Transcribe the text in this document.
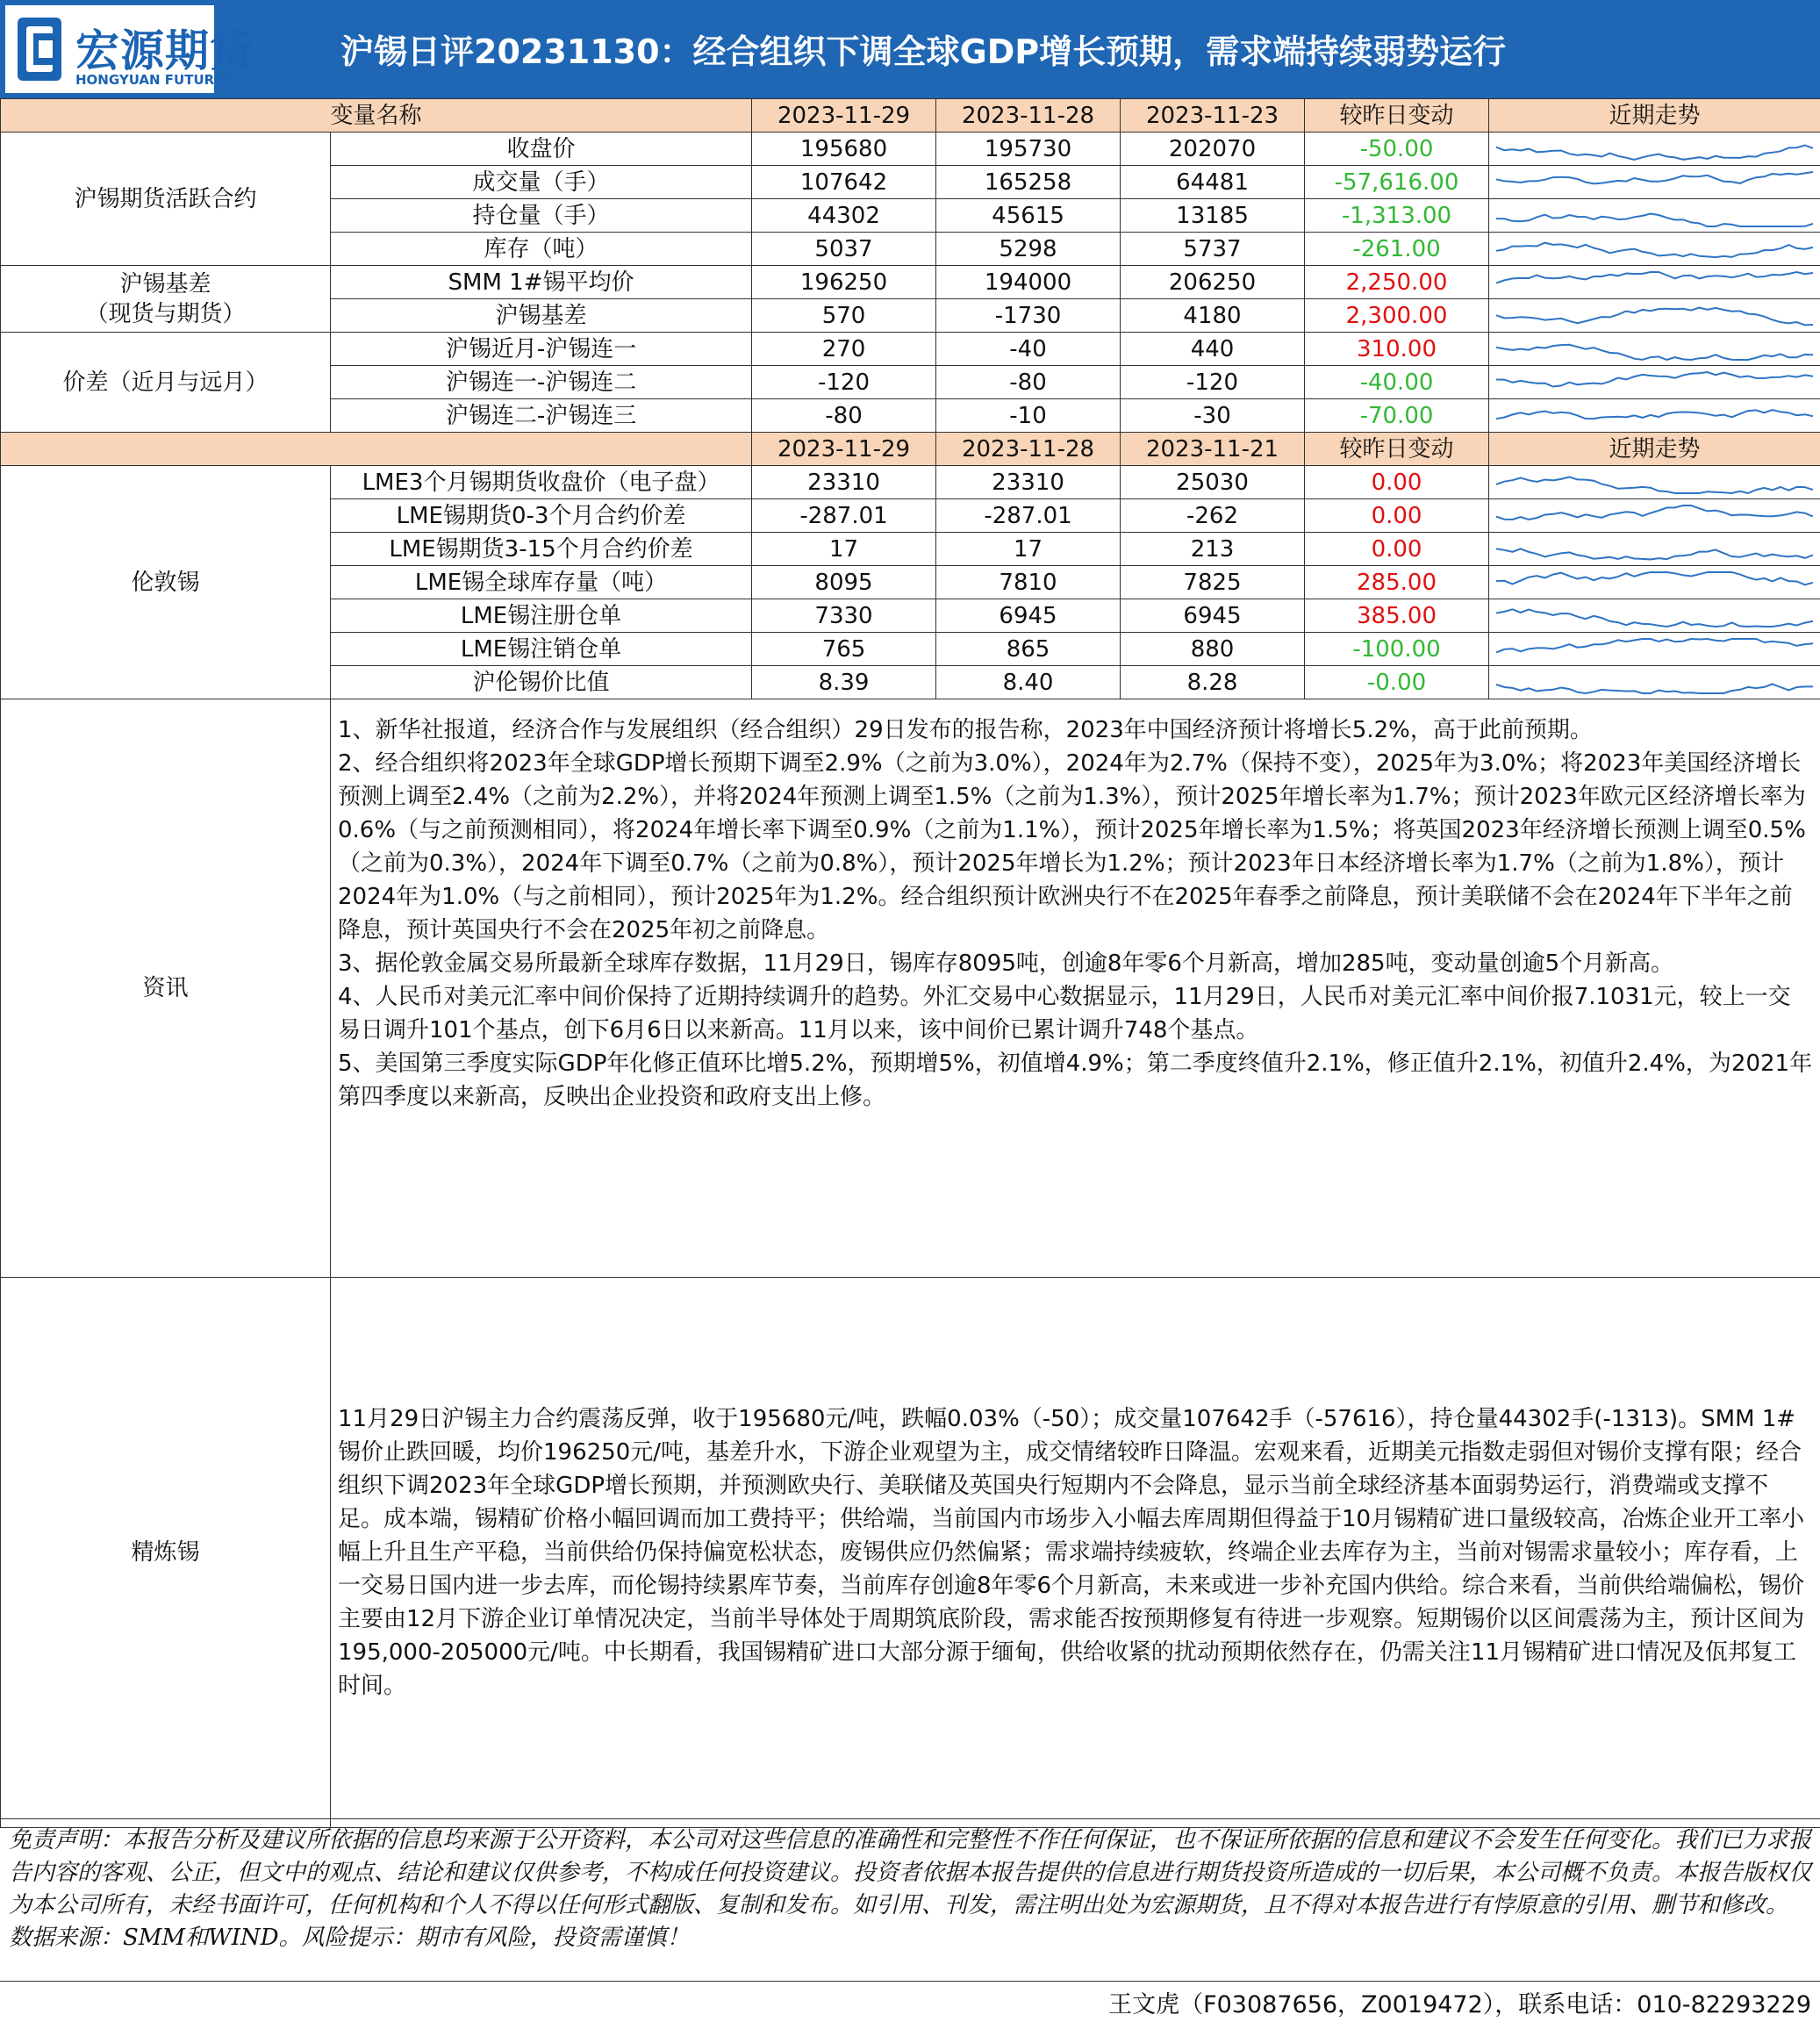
宏源期货
HONGYUAN FUTURES
沪锡日评20231130：经合组织下调全球GDP增长预期，需求端持续弱势运行
变量名称		2023-11-29	2023-11-28	2023-11-23	较昨日变动	近期走势
沪锡期货活跃合约	收盘价	195680	195730	202070	-50.00	

	成交量（手）	107642	165258	64481	-57,616.00	

	持仓量（手）	44302	45615	13185	-1,313.00	

	库存（吨）	5037	5298	5737	-261.00	

沪锡基差
（现货与期货）	SMM 1#锡平均价	196250	194000	206250	2,250.00	

	沪锡基差	570	-1730	4180	2,300.00	

价差（近月与远月）	沪锡近月-沪锡连一	270	-40	440	310.00	

	沪锡连一-沪锡连二	-120	-80	-120	-40.00	

	沪锡连二-沪锡连三	-80	-10	-30	-70.00	

		2023-11-29	2023-11-28	2023-11-21	较昨日变动	近期走势
伦敦锡	LME3个月锡期货收盘价（电子盘）	23310	23310	25030	0.00	

	LME锡期货0-3个月合约价差	-287.01	-287.01	-262	0.00	

	LME锡期货3-15个月合约价差	17	17	213	0.00	

	LME锡全球库存量（吨）	8095	7810	7825	285.00	

	LME锡注册仓单	7330	6945	6945	385.00	

	LME锡注销仓单	765	865	880	-100.00	

	沪伦锡价比值	8.39	8.40	8.28	-0.00	

资讯	1、新华社报道，经济合作与发展组织（经合组织）29日发布的报告称，2023年中国经济预计将增长5.2%，高于此前预期。

2、经合组织将2023年全球GDP增长预期下调至2.9%（之前为3.0%），2024年为2.7%（保持不变），2025年为3.0%；将2023年美国经济增长预测上调至2.4%（之前为2.2%），并将2024年预测上调至1.5%（之前为1.3%），预计2025年增长率为1.7%；预计2023年欧元区经济增长率为0.6%（与之前预测相同），将2024年增长率下调至0.9%（之前为1.1%），预计2025年增长率为1.5%；将英国2023年经济增长预测上调至0.5%（之前为0.3%），2024年下调至0.7%（之前为0.8%），预计2025年增长为1.2%；预计2023年日本经济增长率为1.7%（之前为1.8%），预计2024年为1.0%（与之前相同），预计2025年为1.2%。经合组织预计欧洲央行不在2025年春季之前降息，预计美联储不会在2024年下半年之前降息，预计英国央行不会在2025年初之前降息。

3、据伦敦金属交易所最新全球库存数据，11月29日，锡库存8095吨，创逾8年零6个月新高，增加285吨，变动量创逾5个月新高。

4、人民币对美元汇率中间价保持了近期持续调升的趋势。外汇交易中心数据显示，11月29日，人民币对美元汇率中间价报7.1031元，较上一交易日调升101个基点，创下6月6日以来新高。11月以来，该中间价已累计调升748个基点。

5、美国第三季度实际GDP年化修正值环比增5.2%，预期增5%，初值增4.9%；第二季度终值升2.1%，修正值升2.1%，初值升2.4%，为2021年第四季度以来新高，反映出企业投资和政府支出上修。					

精炼锡	11月29日沪锡主力合约震荡反弹，收于195680元/吨，跌幅0.03%（-50）；成交量107642手（-57616），持仓量44302手(-1313)。SMM 1#锡价止跌回暖，均价196250元/吨，基差升水，下游企业观望为主，成交情绪较昨日降温。宏观来看，近期美元指数走弱但对锡价支撑有限；经合组织下调2023年全球GDP增长预期，并预测欧央行、美联储及英国央行短期内不会降息，显示当前全球经济基本面弱势运行，消费端或支撑不足。成本端，锡精矿价格小幅回调而加工费持平；供给端，当前国内市场步入小幅去库周期但得益于10月锡精矿进口量级较高，冶炼企业开工率小幅上升且生产平稳，当前供给仍保持偏宽松状态，废锡供应仍然偏紧；需求端持续疲软，终端企业去库存为主，当前对锡需求量较小；库存看，上一交易日国内进一步去库，而伦锡持续累库节奏，当前库存创逾8年零6个月新高，未来或进一步补充国内供给。综合来看，当前供给端偏松，锡价主要由12月下游企业订单情况决定，当前半导体处于周期筑底阶段，需求能否按预期修复有待进一步观察。短期锡价以区间震荡为主，预计区间为195,000-205000元/吨。中长期看，我国锡精矿进口大部分源于缅甸，供给收紧的扰动预期依然存在，仍需关注11月锡精矿进口情况及佤邦复工时间。					

免责声明：本报告分析及建议所依据的信息均来源于公开资料，本公司对这些信息的准确性和完整性不作任何保证，也不保证所依据的信息和建议不会发生任何变化。我们已力求报告内容的客观、公正，但文中的观点、结论和建议仅供参考，不构成任何投资建议。投资者依据本报告提供的信息进行期货投资所造成的一切后果，本公司概不负责。本报告版权仅为本公司所有，未经书面许可，任何机构和个人不得以任何形式翻版、复制和发布。如引用、刊发，需注明出处为宏源期货，且不得对本报告进行有悖原意的引用、删节和修改。

数据来源：SMM和WIND。风险提示：期市有风险，投资需谨慎！

王文虎（F03087656，Z0019472），联系电话：010-82293229
